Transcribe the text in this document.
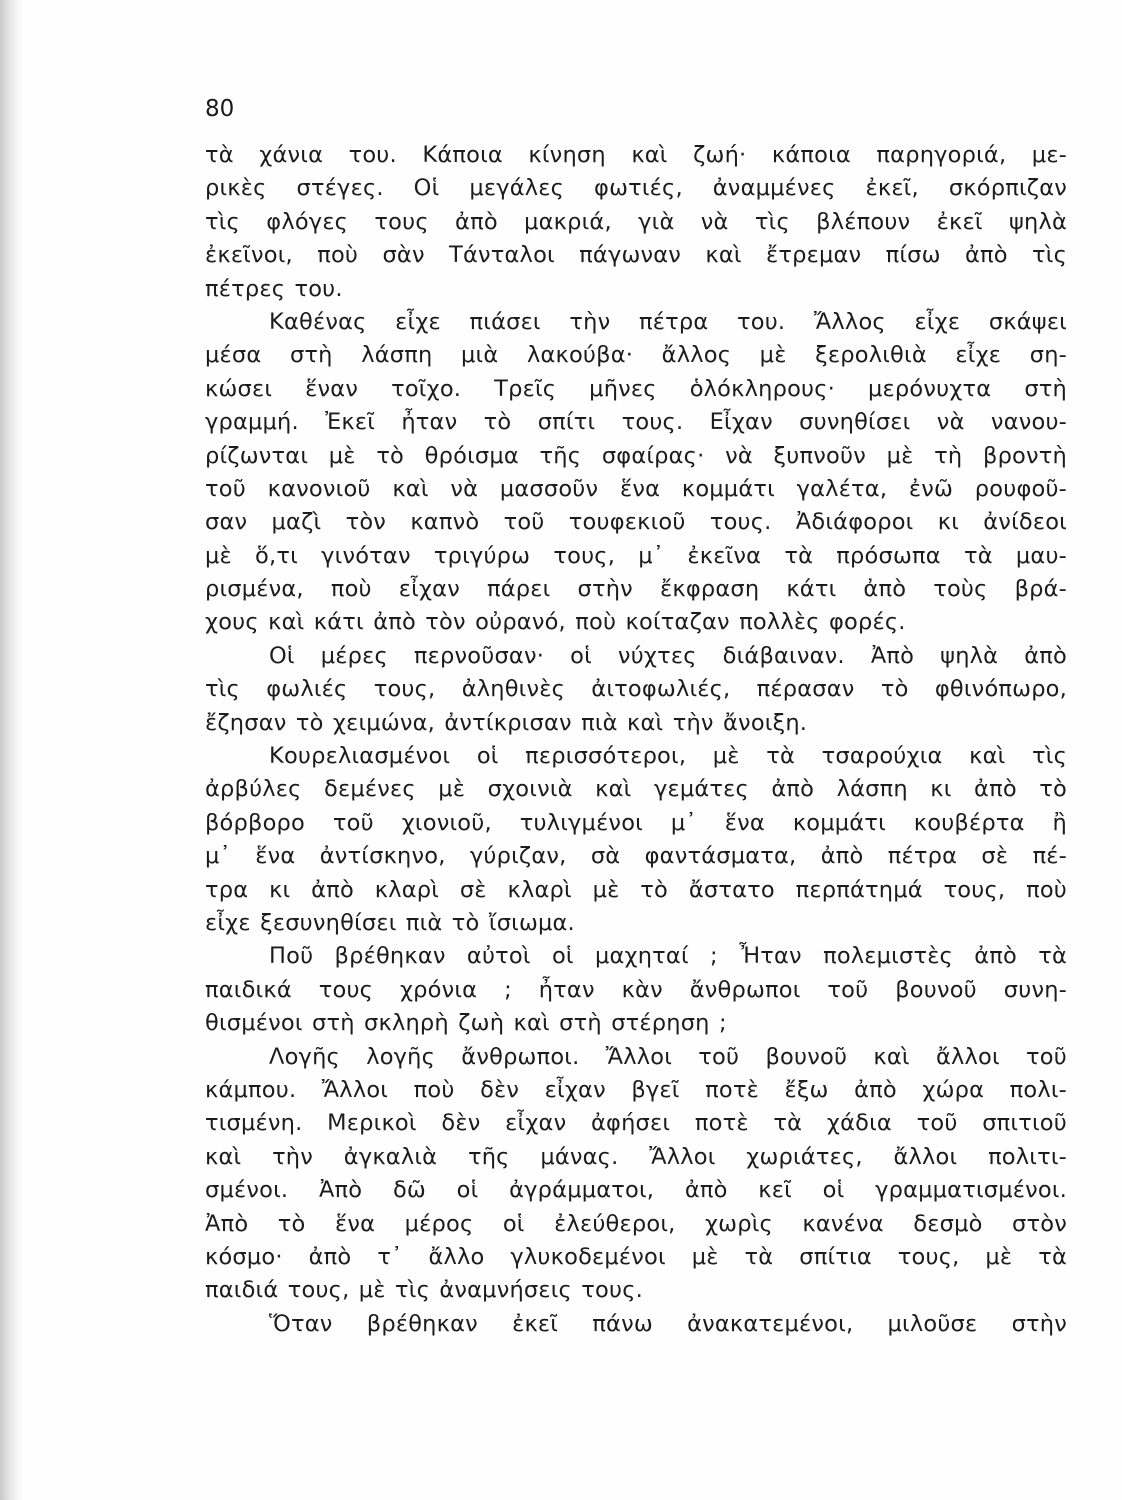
80

τὰ χάνια του. Κάποια κίνηση καὶ ζωή· κάποια παρηγοριά, με-
ρικὲς στέγες. Οἱ μεγάλες φωτιές, ἀναμμένες ἐκεῖ, σκόρπιζαν
τὶς φλόγες τους ἀπὸ μακριά, γιὰ νὰ τὶς βλέπουν ἐκεῖ ψηλὰ
ἐκεῖνοι, ποὺ σὰν Τάνταλοι πάγωναν καὶ ἔτρεμαν πίσω ἀπὸ τὶς
πέτρες του.
Καθένας εἶχε πιάσει τὴν πέτρα του. Ἄλλος εἶχε σκάψει
μέσα στὴ λάσπη μιὰ λακούβα· ἄλλος μὲ ξερολιθιὰ εἶχε ση-
κώσει ἕναν τοῖχο. Τρεῖς μῆνες ὁλόκληρους· μερόνυχτα στὴ
γραμμή. Ἐκεῖ ἦταν τὸ σπίτι τους. Εἶχαν συνηθίσει νὰ νανου-
ρίζωνται μὲ τὸ θρόισμα τῆς σφαίρας· νὰ ξυπνοῦν μὲ τὴ βροντὴ
τοῦ κανονιοῦ καὶ νὰ μασσοῦν ἕνα κομμάτι γαλέτα, ἐνῶ ρουφοῦ-
σαν μαζὶ τὸν καπνὸ τοῦ τουφεκιοῦ τους. Ἀδιάφοροι κι ἀνίδεοι
μὲ ὅ,τι γινόταν τριγύρω τους, μ᾽ ἐκεῖνα τὰ πρόσωπα τὰ μαυ-
ρισμένα, ποὺ εἶχαν πάρει στὴν ἔκφραση κάτι ἀπὸ τοὺς βρά-
χους καὶ κάτι ἀπὸ τὸν οὐρανό, ποὺ κοίταζαν πολλὲς φορές.
Οἱ μέρες περνοῦσαν· οἱ νύχτες διάβαιναν. Ἀπὸ ψηλὰ ἀπὸ
τὶς φωλιές τους, ἀληθινὲς ἀιτοφωλιές, πέρασαν τὸ φθινόπωρο,
ἔζησαν τὸ χειμώνα, ἀντίκρισαν πιὰ καὶ τὴν ἄνοιξη.
Κουρελιασμένοι οἱ περισσότεροι, μὲ τὰ τσαρούχια καὶ τὶς
ἀρβύλες δεμένες μὲ σχοινιὰ καὶ γεμάτες ἀπὸ λάσπη κι ἀπὸ τὸ
βόρβορο τοῦ χιονιοῦ, τυλιγμένοι μ᾽ ἕνα κομμάτι κουβέρτα ἢ
μ᾽ ἕνα ἀντίσκηνο, γύριζαν, σὰ φαντάσματα, ἀπὸ πέτρα σὲ πέ-
τρα κι ἀπὸ κλαρὶ σὲ κλαρὶ μὲ τὸ ἄστατο περπάτημά τους, ποὺ
εἶχε ξεσυνηθίσει πιὰ τὸ ἴσιωμα.
Ποῦ βρέθηκαν αὐτοὶ οἱ μαχηταί ; Ἦταν πολεμιστὲς ἀπὸ τὰ
παιδικά τους χρόνια ; ἦταν κὰν ἄνθρωποι τοῦ βουνοῦ συνη-
θισμένοι στὴ σκληρὴ ζωὴ καὶ στὴ στέρηση ;
Λογῆς λογῆς ἄνθρωποι. Ἄλλοι τοῦ βουνοῦ καὶ ἄλλοι τοῦ
κάμπου. Ἄλλοι ποὺ δὲν εἶχαν βγεῖ ποτὲ ἔξω ἀπὸ χώρα πολι-
τισμένη. Μερικοὶ δὲν εἶχαν ἀφήσει ποτὲ τὰ χάδια τοῦ σπιτιοῦ
καὶ τὴν ἀγκαλιὰ τῆς μάνας. Ἄλλοι χωριάτες, ἄλλοι πολιτι-
σμένοι. Ἀπὸ δῶ οἱ ἀγράμματοι, ἀπὸ κεῖ οἱ γραμματισμένοι.
Ἀπὸ τὸ ἕνα μέρος οἱ ἐλεύθεροι, χωρὶς κανένα δεσμὸ στὸν
κόσμο· ἀπὸ τ᾽ ἄλλο γλυκοδεμένοι μὲ τὰ σπίτια τους, μὲ τὰ
παιδιά τους, μὲ τὶς ἀναμνήσεις τους.
Ὅταν βρέθηκαν ἐκεῖ πάνω ἀνακατεμένοι, μιλοῦσε στὴν
